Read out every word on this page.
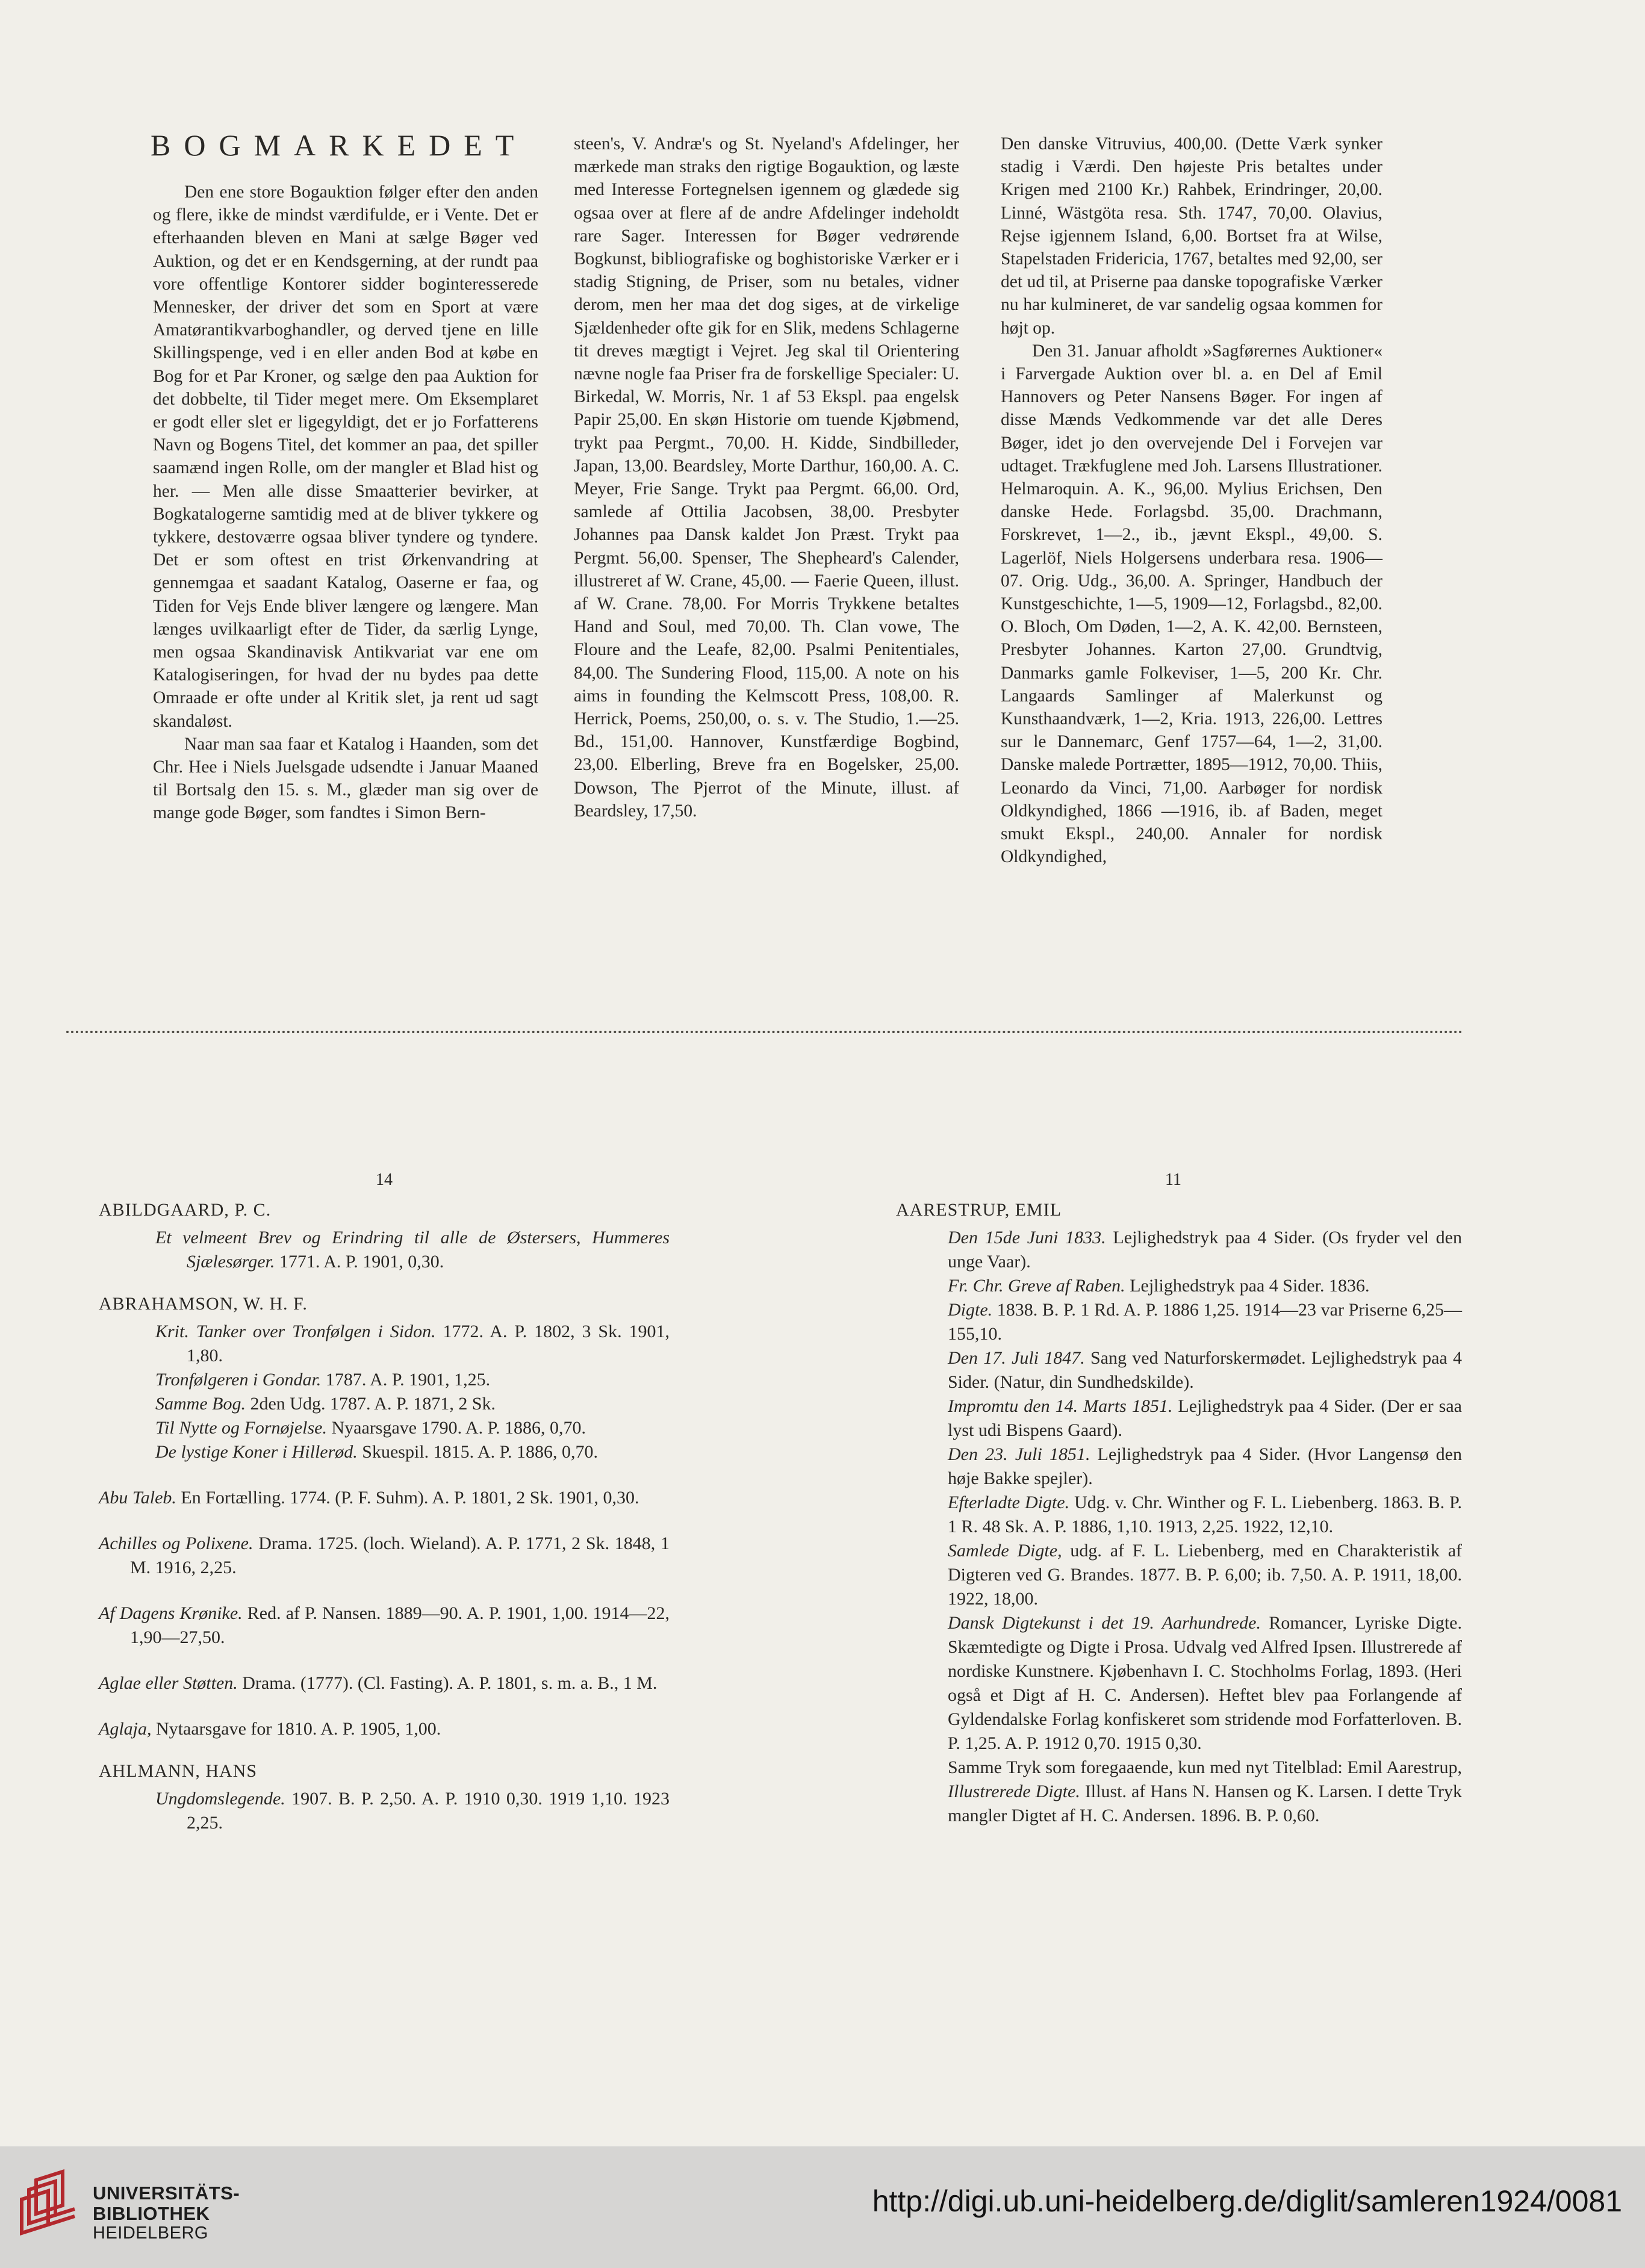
BOGMARKEDET

Den ene store Bogauktion følger efter den anden og flere, ikke de mindst værdifulde, er i Vente. Det er efterhaanden bleven en Mani at sælge Bøger ved Auktion, og det er en Kendsgerning, at der rundt paa vore offentlige Kontorer sidder boginteresserede Mennesker, der driver det som en Sport at være Amatørantikvarboghandler, og derved tjene en lille Skillingspenge, ved i en eller anden Bod at købe en Bog for et Par Kroner, og sælge den paa Auktion for det dobbelte, til Tider meget mere. Om Eksemplaret er godt eller slet er ligegyldigt, det er jo Forfatterens Navn og Bogens Titel, det kommer an paa, det spiller saamænd ingen Rolle, om der mangler et Blad hist og her. — Men alle disse Smaatterier bevirker, at Bogkatalogerne samtidig med at de bliver tykkere og tykkere, destoværre ogsaa bliver tyndere og tyndere. Det er som oftest en trist Ørkenvandring at gennemgaa et saadant Katalog, Oaserne er faa, og Tiden for Vejs Ende bliver længere og længere. Man længes uvilkaarligt efter de Tider, da særlig Lynge, men ogsaa Skandinavisk Antikvariat var ene om Katalogiseringen, for hvad der nu bydes paa dette Omraade er ofte under al Kritik slet, ja rent ud sagt skandaløst.

Naar man saa faar et Katalog i Haanden, som det Chr. Hee i Niels Juelsgade udsendte i Januar Maaned til Bortsalg den 15. s. M., glæder man sig over de mange gode Bøger, som fandtes i Simon Bern-

steen's, V. Andræ's og St. Nyeland's Afdelinger, her mærkede man straks den rigtige Bogauktion, og læste med Interesse Fortegnelsen igennem og glædede sig ogsaa over at flere af de andre Afdelinger indeholdt rare Sager. Interessen for Bøger vedrørende Bogkunst, bibliografiske og boghistoriske Værker er i stadig Stigning, de Priser, som nu betales, vidner derom, men her maa det dog siges, at de virkelige Sjældenheder ofte gik for en Slik, medens Schlagerne tit dreves mægtigt i Vejret. Jeg skal til Orientering nævne nogle faa Priser fra de forskellige Specialer: U. Birkedal, W. Morris, Nr. 1 af 53 Ekspl. paa engelsk Papir 25,00. En skøn Historie om tuende Kjøbmend, trykt paa Pergmt., 70,00. H. Kidde, Sindbilleder, Japan, 13,00. Beardsley, Morte Darthur, 160,00. A. C. Meyer, Frie Sange. Trykt paa Pergmt. 66,00. Ord, samlede af Ottilia Jacobsen, 38,00. Presbyter Johannes paa Dansk kaldet Jon Præst. Trykt paa Pergmt. 56,00. Spenser, The Shepheard's Calender, illustreret af W. Crane, 45,00. — Faerie Queen, illust. af W. Crane. 78,00. For Morris Trykkene betaltes Hand and Soul, med 70,00. Th. Clan vowe, The Floure and the Leafe, 82,00. Psalmi Penitentiales, 84,00. The Sundering Flood, 115,00. A note on his aims in founding the Kelmscott Press, 108,00. R. Herrick, Poems, 250,00, o. s. v. The Studio, 1.—25. Bd., 151,00. Hannover, Kunstfærdige Bogbind, 23,00. Elberling, Breve fra en Bogelsker, 25,00. Dowson, The Pjerrot of the Minute, illust. af Beardsley, 17,50.

Den danske Vitruvius, 400,00. (Dette Værk synker stadig i Værdi. Den højeste Pris betaltes under Krigen med 2100 Kr.) Rahbek, Erindringer, 20,00. Linné, Wästgöta resa. Sth. 1747, 70,00. Olavius, Rejse igjennem Island, 6,00. Bortset fra at Wilse, Stapelstaden Fridericia, 1767, betaltes med 92,00, ser det ud til, at Priserne paa danske topografiske Værker nu har kulmineret, de var sandelig ogsaa kommen for højt op.

Den 31. Januar afholdt »Sagførernes Auktioner« i Farvergade Auktion over bl. a. en Del af Emil Hannovers og Peter Nansens Bøger. For ingen af disse Mænds Vedkommende var det alle Deres Bøger, idet jo den overvejende Del i Forvejen var udtaget. Trækfuglene med Joh. Larsens Illustrationer. Helmaroquin. A. K., 96,00. Mylius Erichsen, Den danske Hede. Forlagsbd. 35,00. Drachmann, Forskrevet, 1—2., ib., jævnt Ekspl., 49,00. S. Lagerlöf, Niels Holgersens underbara resa. 1906—07. Orig. Udg., 36,00. A. Springer, Handbuch der Kunstgeschichte, 1—5, 1909—12, Forlagsbd., 82,00. O. Bloch, Om Døden, 1—2, A. K. 42,00. Bernsteen, Presbyter Johannes. Karton 27,00. Grundtvig, Danmarks gamle Folkeviser, 1—5, 200 Kr. Chr. Langaards Samlinger af Malerkunst og Kunsthaandværk, 1—2, Kria. 1913, 226,00. Lettres sur le Dannemarc, Genf 1757—64, 1—2, 31,00. Danske malede Portrætter, 1895—1912, 70,00. Thiis, Leonardo da Vinci, 71,00. Aarbøger for nordisk Oldkyndighed, 1866 —1916, ib. af Baden, meget smukt Ekspl., 240,00. Annaler for nordisk Oldkyndighed,

14	11
ABILDGAARD, P. C.

Et velmeent Brev og Erindring til alle de Østersers, Hummeres Sjælesørger. 1771. A. P. 1901, 0,30.

ABRAHAMSON, W. H. F.

Krit. Tanker over Tronfølgen i Sidon. 1772. A. P. 1802, 3 Sk. 1901, 1,80.

Tronfølgeren i Gondar. 1787. A. P. 1901, 1,25.

Samme Bog. 2den Udg. 1787. A. P. 1871, 2 Sk.

Til Nytte og Fornøjelse. Nyaarsgave 1790. A. P. 1886, 0,70.

De lystige Koner i Hillerød. Skuespil. 1815. A. P. 1886, 0,70.

Abu Taleb. En Fortælling. 1774. (P. F. Suhm). A. P. 1801, 2 Sk. 1901, 0,30.

Achilles og Polixene. Drama. 1725. (loch. Wieland). A. P. 1771, 2 Sk. 1848, 1 M. 1916, 2,25.

Af Dagens Krønike. Red. af P. Nansen. 1889—90. A. P. 1901, 1,00. 1914—22, 1,90—27,50.

Aglae eller Støtten. Drama. (1777). (Cl. Fasting). A. P. 1801, s. m. a. B., 1 M.

Aglaja, Nytaarsgave for 1810. A. P. 1905, 1,00.

AHLMANN, HANS

Ungdomslegende. 1907. B. P. 2,50. A. P. 1910 0,30. 1919 1,10. 1923 2,25.

AARESTRUP, EMIL

Den 15de Juni 1833. Lejlighedstryk paa 4 Sider. (Os fryder vel den unge Vaar).

Fr. Chr. Greve af Raben. Lejlighedstryk paa 4 Sider. 1836.

Digte. 1838. B. P. 1 Rd. A. P. 1886 1,25. 1914—23 var Priserne 6,25—155,10.

Den 17. Juli 1847. Sang ved Naturforskermødet. Lejlighedstryk paa 4 Sider. (Natur, din Sundhedskilde).

Impromtu den 14. Marts 1851. Lejlighedstryk paa 4 Sider. (Der er saa lyst udi Bispens Gaard).

Den 23. Juli 1851. Lejlighedstryk paa 4 Sider. (Hvor Langensø den høje Bakke spejler).

Efterladte Digte. Udg. v. Chr. Winther og F. L. Liebenberg. 1863. B. P. 1 R. 48 Sk. A. P. 1886, 1,10. 1913, 2,25. 1922, 12,10.

Samlede Digte, udg. af F. L. Liebenberg, med en Charakteristik af Digteren ved G. Brandes. 1877. B. P. 6,00; ib. 7,50. A. P. 1911, 18,00. 1922, 18,00.

Dansk Digtekunst i det 19. Aarhundrede. Romancer, Lyriske Digte. Skæmtedigte og Digte i Prosa. Udvalg ved Alfred Ipsen. Illustrerede af nordiske Kunstnere. Kjøbenhavn I. C. Stochholms Forlag, 1893. (Heri også et Digt af H. C. Andersen). Heftet blev paa Forlangende af Gyldendalske Forlag konfiskeret som stridende mod Forfatterloven. B. P. 1,25. A. P. 1912 0,70. 1915 0,30.

Samme Tryk som foregaaende, kun med nyt Titelblad: Emil Aarestrup, Illustrerede Digte. Illust. af Hans N. Hansen og K. Larsen. I dette Tryk mangler Digtet af H. C. Andersen. 1896. B. P. 0,60.

UNIVERSITÄTS-
BIBLIOTHEK
HEIDELBERG
http://digi.ub.uni-heidelberg.de/diglit/samleren1924/0081
